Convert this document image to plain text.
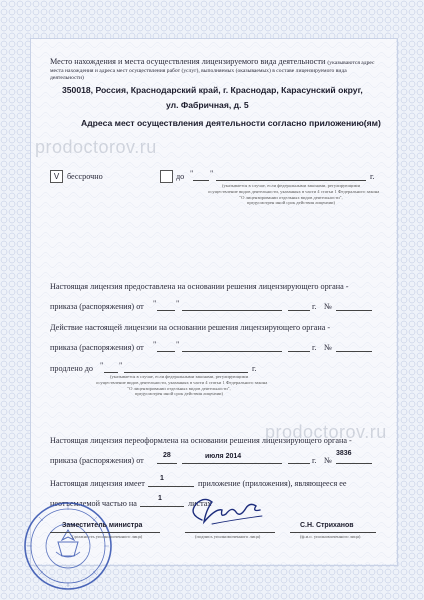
Место нахождения и места осуществления лицензируемого вида деятельности (указываются адрес
места нахождения и адреса мест осуществления работ (услуг), выполняемых (оказываемых) в составе лицензируемого вида
деятельности)
350018, Россия, Краснодарский край, г. Краснодар, Карасунский округ,
ул. Фабричная, д. 5
Адреса мест осуществления деятельности согласно приложению(ям)
V бессрочно	до " "	г.
(указывается в случае, если федеральными законами, регулирующими
осуществление видов деятельности, указанных в части 4 статьи 1 Федерального закона
"О лицензировании отдельных видов деятельности",
предусмотрен иной срок действия лицензии)
Настоящая лицензия предоставлена на основании решения лицензирующего органа -
приказа (распоряжения) от " "	г. №
Действие настоящей лицензии на основании решения лицензирующего органа -
приказа (распоряжения) от " "	г. №
продлено до " "	г.
(указывается в случае, если федеральными законами, регулирующими
осуществление видов деятельности, указанных в части 4 статьи 1 Федерального закона
"О лицензировании отдельных видов деятельности",
предусмотрен иной срок действия лицензии)
Настоящая лицензия переоформлена на основании решения лицензирующего органа -
приказа (распоряжения) от
28	июля 2014	г. №
3836
Настоящая лицензия имеет
1
приложение (приложения), являющееся ее
неотъемлемой частью на
1
листах
Заместитель министра
(должность уполномоченного лица)	(подпись уполномоченного лица)
С.Н. Стриханов
(ф.и.о. уполномоченного лица)
prodoctorov.ru
prodoctorov.ru
